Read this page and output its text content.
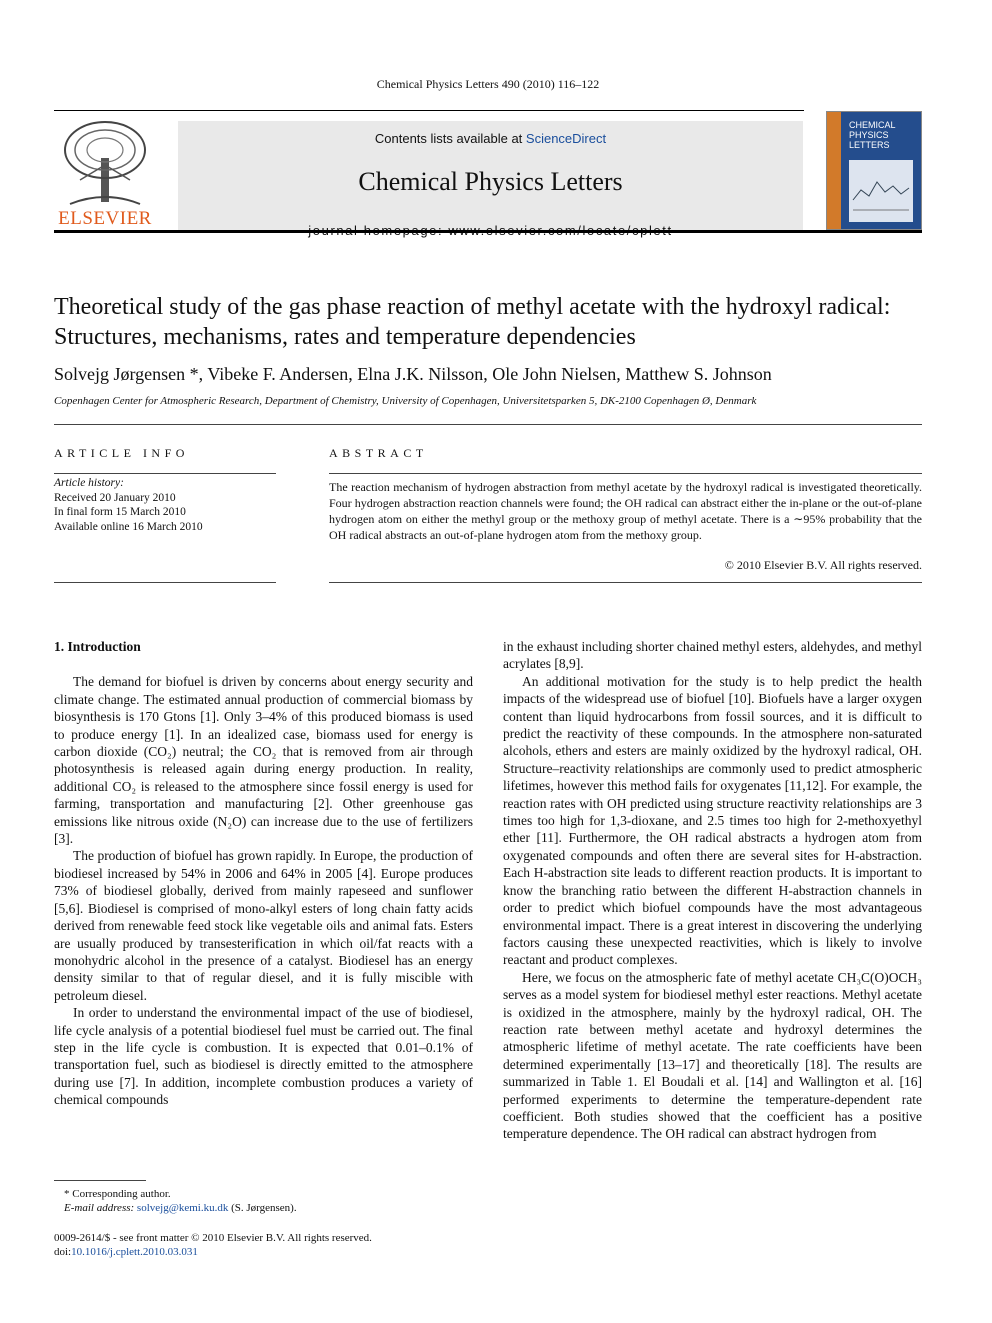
Chemical Physics Letters 490 (2010) 116–122
ELSEVIER
Contents lists available at ScienceDirect
Chemical Physics Letters
CHEMICAL
PHYSICS
LETTERS
Theoretical study of the gas phase reaction of methyl acetate with the hydroxyl radical: Structures, mechanisms, rates and temperature dependencies
Solvejg Jørgensen *, Vibeke F. Andersen, Elna J.K. Nilsson, Ole John Nielsen, Matthew S. Johnson
Copenhagen Center for Atmospheric Research, Department of Chemistry, University of Copenhagen, Universitetsparken 5, DK-2100 Copenhagen Ø, Denmark
ARTICLE INFO	ABSTRACT
Article history:
Received 20 January 2010
In final form 15 March 2010
Available online 16 March 2010
The reaction mechanism of hydrogen abstraction from methyl acetate by the hydroxyl radical is investigated theoretically. Four hydrogen abstraction reaction channels were found; the OH radical can abstract either the in-plane or the out-of-plane hydrogen atom on either the methyl group or the methoxy group of methyl acetate. There is a ∼95% probability that the OH radical abstracts an out-of-plane hydrogen atom from the methoxy group.
© 2010 Elsevier B.V. All rights reserved.
1. Introduction

The demand for biofuel is driven by concerns about energy security and climate change. The estimated annual production of commercial biomass by biosynthesis is 170 Gtons [1]. Only 3–4% of this produced biomass is used to produce energy [1]. In an idealized case, biomass used for energy is carbon dioxide (CO₂) neutral; the CO₂ that is removed from air through photosynthesis is released again during energy production. In reality, additional CO₂ is released to the atmosphere since fossil energy is used for farming, transportation and manufacturing [2]. Other greenhouse gas emissions like nitrous oxide (N₂O) can increase due to the use of fertilizers [3].

The production of biofuel has grown rapidly. In Europe, the production of biodiesel increased by 54% in 2006 and 64% in 2005 [4]. Europe produces 73% of biodiesel globally, derived from mainly rapeseed and sunflower [5,6]. Biodiesel is comprised of mono-alkyl esters of long chain fatty acids derived from renewable feed stock like vegetable oils and animal fats. Esters are usually produced by transesterification in which oil/fat reacts with a monohydric alcohol in the presence of a catalyst. Biodiesel has an energy density similar to that of regular diesel, and it is fully miscible with petroleum diesel.

In order to understand the environmental impact of the use of biodiesel, life cycle analysis of a potential biodiesel fuel must be carried out. The final step in the life cycle is combustion. It is expected that 0.01–0.1% of transportation fuel, such as biodiesel is directly emitted to the atmosphere during use [7]. In addition, incomplete combustion produces a variety of chemical compounds

in the exhaust including shorter chained methyl esters, aldehydes, and methyl acrylates [8,9].

An additional motivation for the study is to help predict the health impacts of the widespread use of biofuel [10]. Biofuels have a larger oxygen content than liquid hydrocarbons from fossil sources, and it is difficult to predict the reactivity of these compounds. In the atmosphere non-saturated alcohols, ethers and esters are mainly oxidized by the hydroxyl radical, OH. Structure–reactivity relationships are commonly used to predict atmospheric lifetimes, however this method fails for oxygenates [11,12]. For example, the reaction rates with OH predicted using structure reactivity relationships are 3 times too high for 1,3-dioxane, and 2.5 times too high for 2-methoxyethyl ether [11]. Furthermore, the OH radical abstracts a hydrogen atom from oxygenated compounds and often there are several sites for H-abstraction. Each H-abstraction site leads to different reaction products. It is important to know the branching ratio between the different H-abstraction channels in order to predict which biofuel compounds have the most advantageous environmental impact. There is a great interest in discovering the underlying factors causing these unexpected reactivities, which is likely to involve reactant and product complexes.

Here, we focus on the atmospheric fate of methyl acetate CH₃C(O)OCH₃ serves as a model system for biodiesel methyl ester reactions. Methyl acetate is oxidized in the atmosphere, mainly by the hydroxyl radical, OH. The reaction rate between methyl acetate and hydroxyl determines the atmospheric lifetime of methyl acetate. The rate coefficients have been determined experimentally [13–17] and theoretically [18]. The results are summarized in Table 1. El Boudali et al. [14] and Wallington et al. [16] performed experiments to determine the temperature-dependent rate coefficient. Both studies showed that the coefficient has a positive temperature dependence. The OH radical can abstract hydrogen from

* Corresponding author.
E-mail address: solvejg@kemi.ku.dk (S. Jørgensen).
0009-2614/$ - see front matter © 2010 Elsevier B.V. All rights reserved.
doi:10.1016/j.cplett.2010.03.031
